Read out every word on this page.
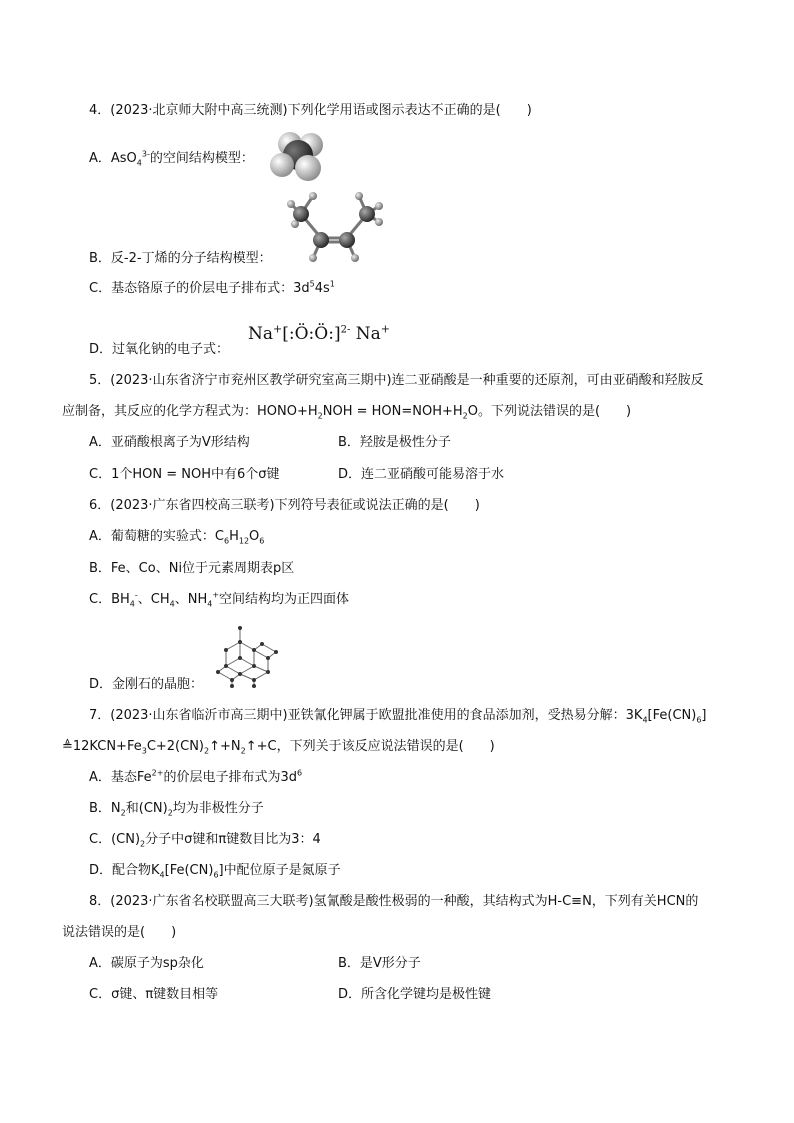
4．(2023·北京师大附中高三统测)下列化学用语或图示表达不正确的是(　　)
A．AsO$_4^{3-}$的空间结构模型：
B．反-2-丁烯的分子结构模型：
C．基态铬原子的价层电子排布式：$3d^54s^1$
Na+[:Ö:Ö:]$^{2-}$ Na+
D．过氧化钠的电子式：
5．(2023·山东省济宁市兖州区教学研究室高三期中)连二亚硝酸是一种重要的还原剂，可由亚硝酸和羟胺反
应制备，其反应的化学方程式为：$HONO+H_2NOH = HON=NOH+H_2O$。下列说法错误的是(　　)
A．亚硝酸根离子为V形结构	B．羟胺是极性分子
C．1个HON = NOH中有6个σ键	D．连二亚硝酸可能易溶于水
6．(2023·广东省四校高三联考)下列符号表征或说法正确的是(　　)
A．葡萄糖的实验式：$C_6H_{12}O_6$
B．Fe、Co、Ni位于元素周期表p区
C．$BH_4^-$、$CH_4$、$NH_4^+$空间结构均为正四面体
D．金刚石的晶胞：
7．(2023·山东省临沂市高三期中)亚铁氰化钾属于欧盟批准使用的食品添加剂，受热易分解：$3K_4[Fe(CN)_6]$
$≜12KCN+Fe_3C+2(CN)_2↑+N_2↑+C$，下列关于该反应说法错误的是(　　)
A．基态$Fe^{2+}$的价层电子排布式为$3d^6$
B．$N_2$和$(CN)_2$均为非极性分子
C．$(CN)_2$分子中σ键和π键数目比为3：4
D．配合物$K_4[Fe(CN)_6]$中配位原子是氮原子
8．(2023·广东省名校联盟高三大联考)氢氰酸是酸性极弱的一种酸，其结构式为H-C≡N，下列有关HCN的
说法错误的是(　　)
A．碳原子为sp杂化	B．是V形分子
C．σ键、π键数目相等	D．所含化学键均是极性键
